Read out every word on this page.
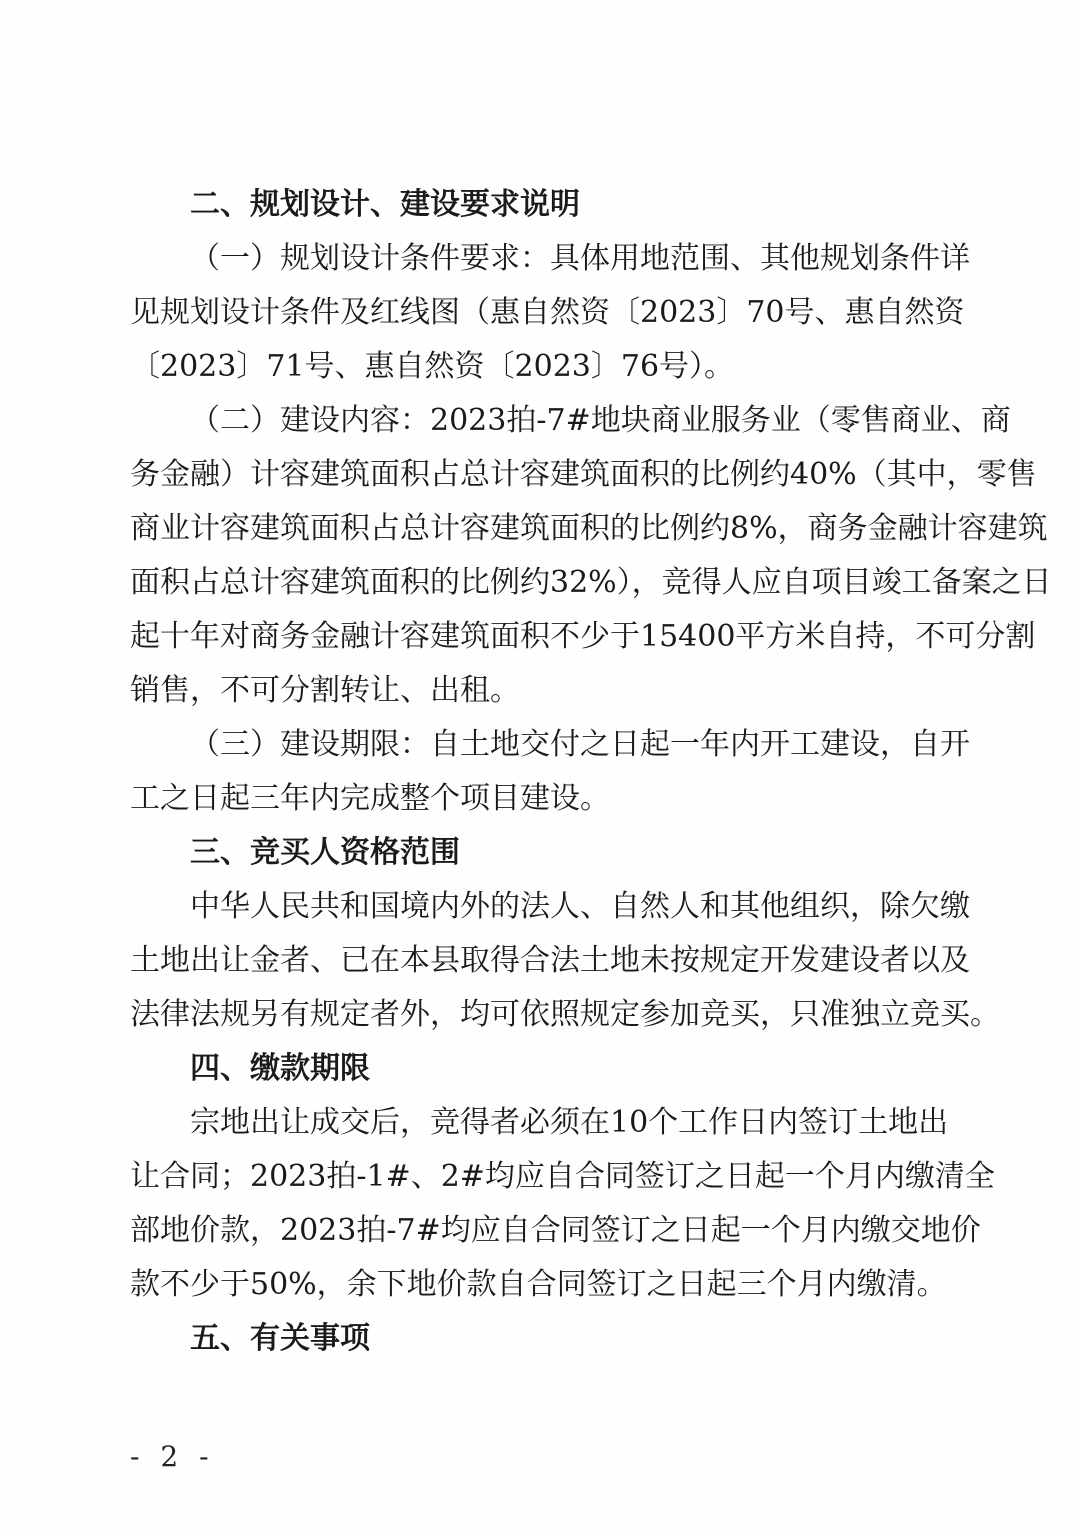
二、规划设计、建设要求说明
（一）规划设计条件要求：具体用地范围、其他规划条件详
见规划设计条件及红线图（惠自然资〔2023〕70号、惠自然资
〔2023〕71号、惠自然资〔2023〕76号）。
（二）建设内容：2023拍-7#地块商业服务业（零售商业、商
务金融）计容建筑面积占总计容建筑面积的比例约40%（其中，零售
商业计容建筑面积占总计容建筑面积的比例约8%，商务金融计容建筑
面积占总计容建筑面积的比例约32%），竞得人应自项目竣工备案之日
起十年对商务金融计容建筑面积不少于15400平方米自持，不可分割
销售，不可分割转让、出租。
（三）建设期限：自土地交付之日起一年内开工建设，自开
工之日起三年内完成整个项目建设。
三、竞买人资格范围
中华人民共和国境内外的法人、自然人和其他组织，除欠缴
土地出让金者、已在本县取得合法土地未按规定开发建设者以及
法律法规另有规定者外，均可依照规定参加竞买，只准独立竞买。
四、缴款期限
宗地出让成交后，竞得者必须在10个工作日内签订土地出
让合同；2023拍-1#、2#均应自合同签订之日起一个月内缴清全
部地价款，2023拍-7#均应自合同签订之日起一个月内缴交地价
款不少于50%，余下地价款自合同签订之日起三个月内缴清。
五、有关事项
- 2 -
